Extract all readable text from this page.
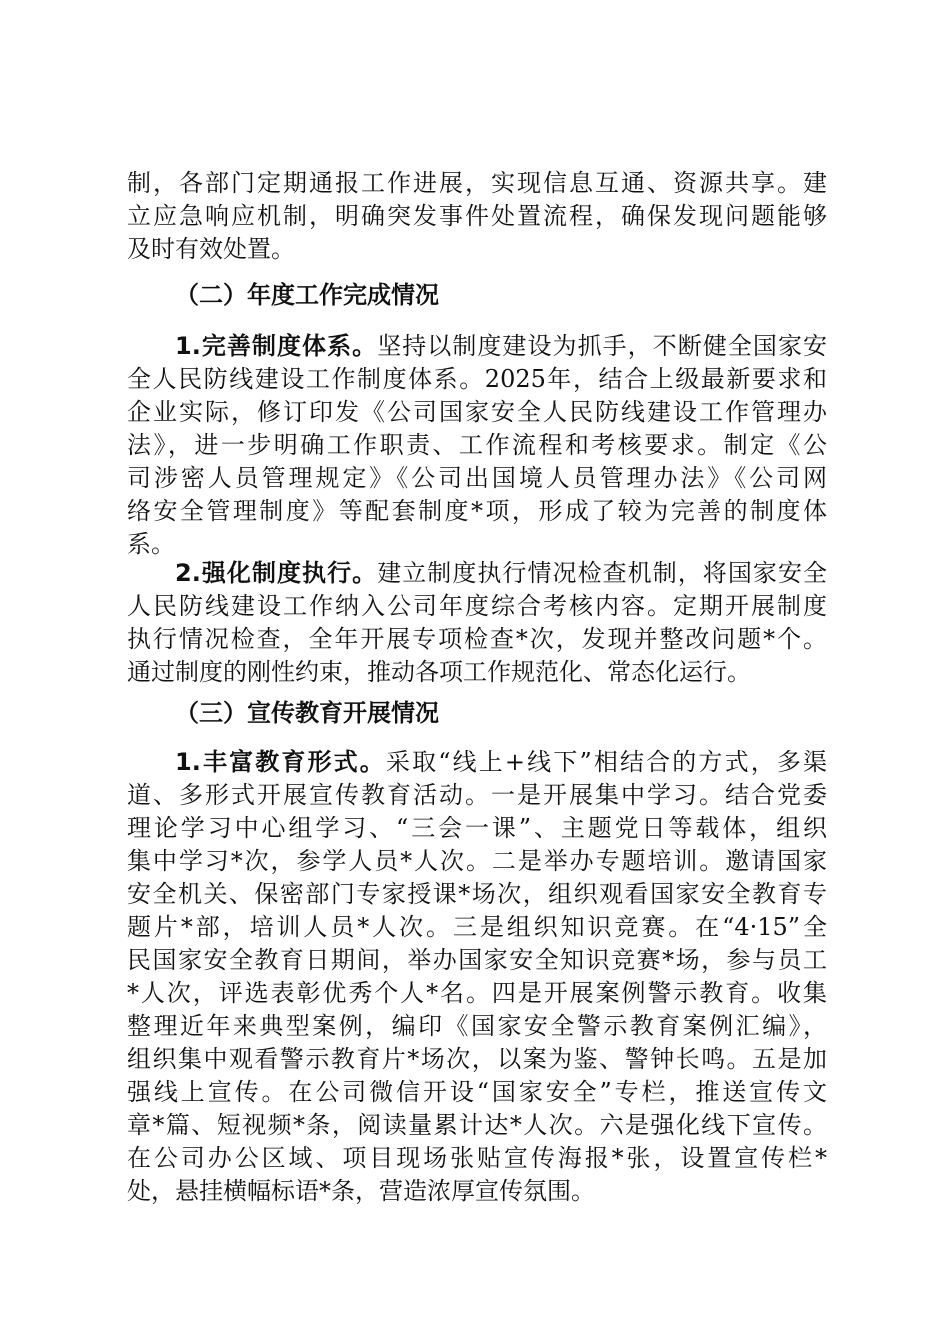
制，各部门定期通报工作进展，实现信息互通、资源共享。建
立应急响应机制，明确突发事件处置流程，确保发现问题能够
及时有效处置。
（二）年度工作完成情况
1.完善制度体系。坚持以制度建设为抓手，不断健全国家安
全人民防线建设工作制度体系。2025年，结合上级最新要求和
企业实际，修订印发《公司国家安全人民防线建设工作管理办
法》，进一步明确工作职责、工作流程和考核要求。制定《公
司涉密人员管理规定》《公司出国境人员管理办法》《公司网
络安全管理制度》等配套制度*项，形成了较为完善的制度体
系。
2.强化制度执行。建立制度执行情况检查机制，将国家安全
人民防线建设工作纳入公司年度综合考核内容。定期开展制度
执行情况检查，全年开展专项检查*次，发现并整改问题*个。
通过制度的刚性约束，推动各项工作规范化、常态化运行。
（三）宣传教育开展情况
1.丰富教育形式。采取“线上+线下”相结合的方式，多渠
道、多形式开展宣传教育活动。一是开展集中学习。结合党委
理论学习中心组学习、“三会一课”、主题党日等载体，组织
集中学习*次，参学人员*人次。二是举办专题培训。邀请国家
安全机关、保密部门专家授课*场次，组织观看国家安全教育专
题片*部，培训人员*人次。三是组织知识竞赛。在“4·15”全
民国家安全教育日期间，举办国家安全知识竞赛*场，参与员工
*人次，评选表彰优秀个人*名。四是开展案例警示教育。收集
整理近年来典型案例，编印《国家安全警示教育案例汇编》，
组织集中观看警示教育片*场次，以案为鉴、警钟长鸣。五是加
强线上宣传。在公司微信开设“国家安全”专栏，推送宣传文
章*篇、短视频*条，阅读量累计达*人次。六是强化线下宣传。
在公司办公区域、项目现场张贴宣传海报*张，设置宣传栏*
处，悬挂横幅标语*条，营造浓厚宣传氛围。
